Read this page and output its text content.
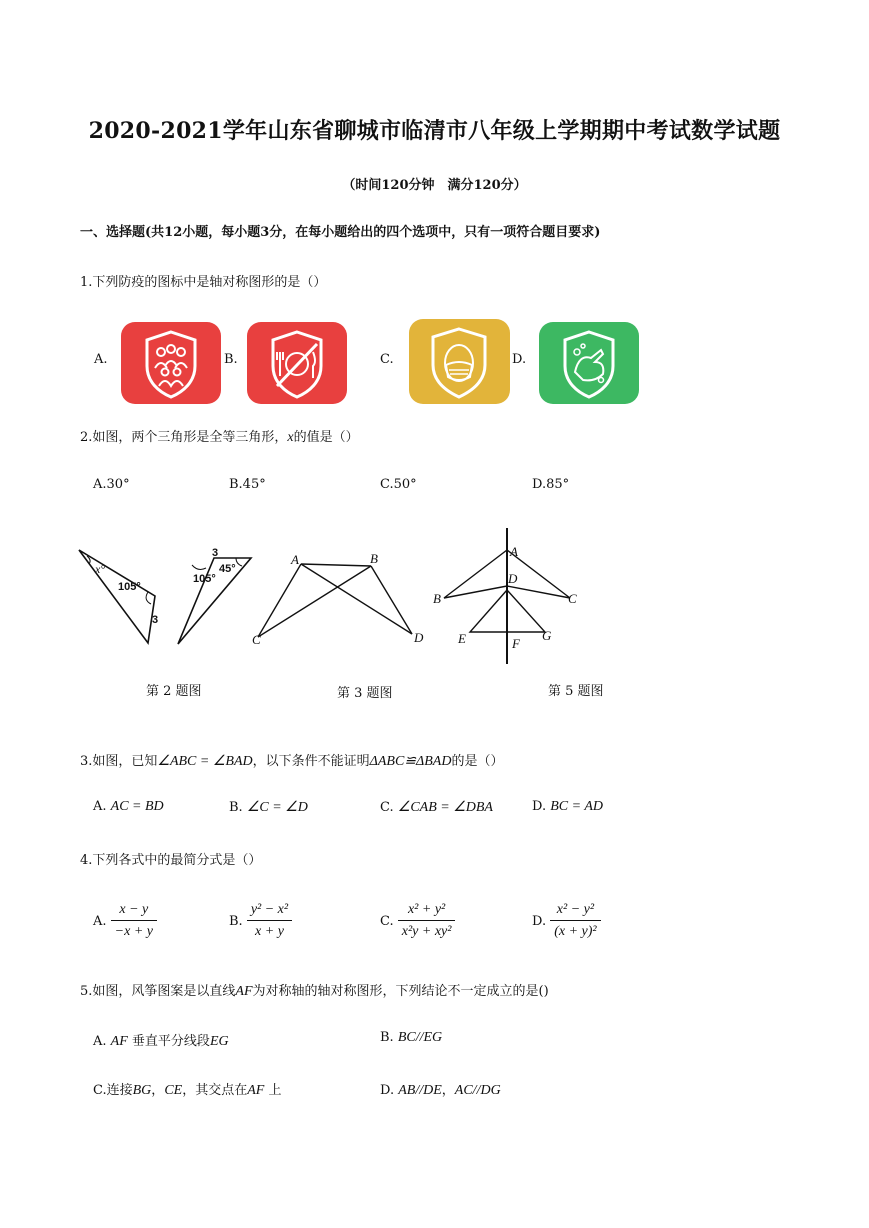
2020-2021学年山东省聊城市临清市八年级上学期期中考试数学试题
（时间120分钟　满分120分）
一、选择题(共12小题，每小题3分，在每小题给出的四个选项中，只有一项符合题目要求)
1.下列防疫的图标中是轴对称图形的是（）
A.	B.	C.	D.
2.如图，两个三角形是全等三角形，x的值是（）
A.30°	B.45°	C.50°	D.85°
x°
105°
3
3
105°
45°
A	B
C	D
A
D
B	C
E	F
G
第 2 题图	第 3 题图	第 5 题图
3.如图，已知∠ABC = ∠BAD，以下条件不能证明ΔABC≌ΔBAD的是（）
A. AC = BD	B. ∠C = ∠D	C. ∠CAB = ∠DBA	D. BC = AD
4.下列各式中的最简分式是（）
A. $\frac{x - y}{-x + y}$	B. $\frac{\text{y² − x²}}{x + y}$	C. $\frac{\text{x² + y²}}{\text{x²y + xy²}}$	D. $\frac{\text{x² − y²}}{\text{(x + y)²}}$
5.如图，风筝图案是以直线AF为对称轴的轴对称图形，下列结论不一定成立的是()
A. AF 垂直平分线段EG	B. BC//EG
C.连接BG，CE，其交点在AF 上	D. AB//DE，AC//DG
